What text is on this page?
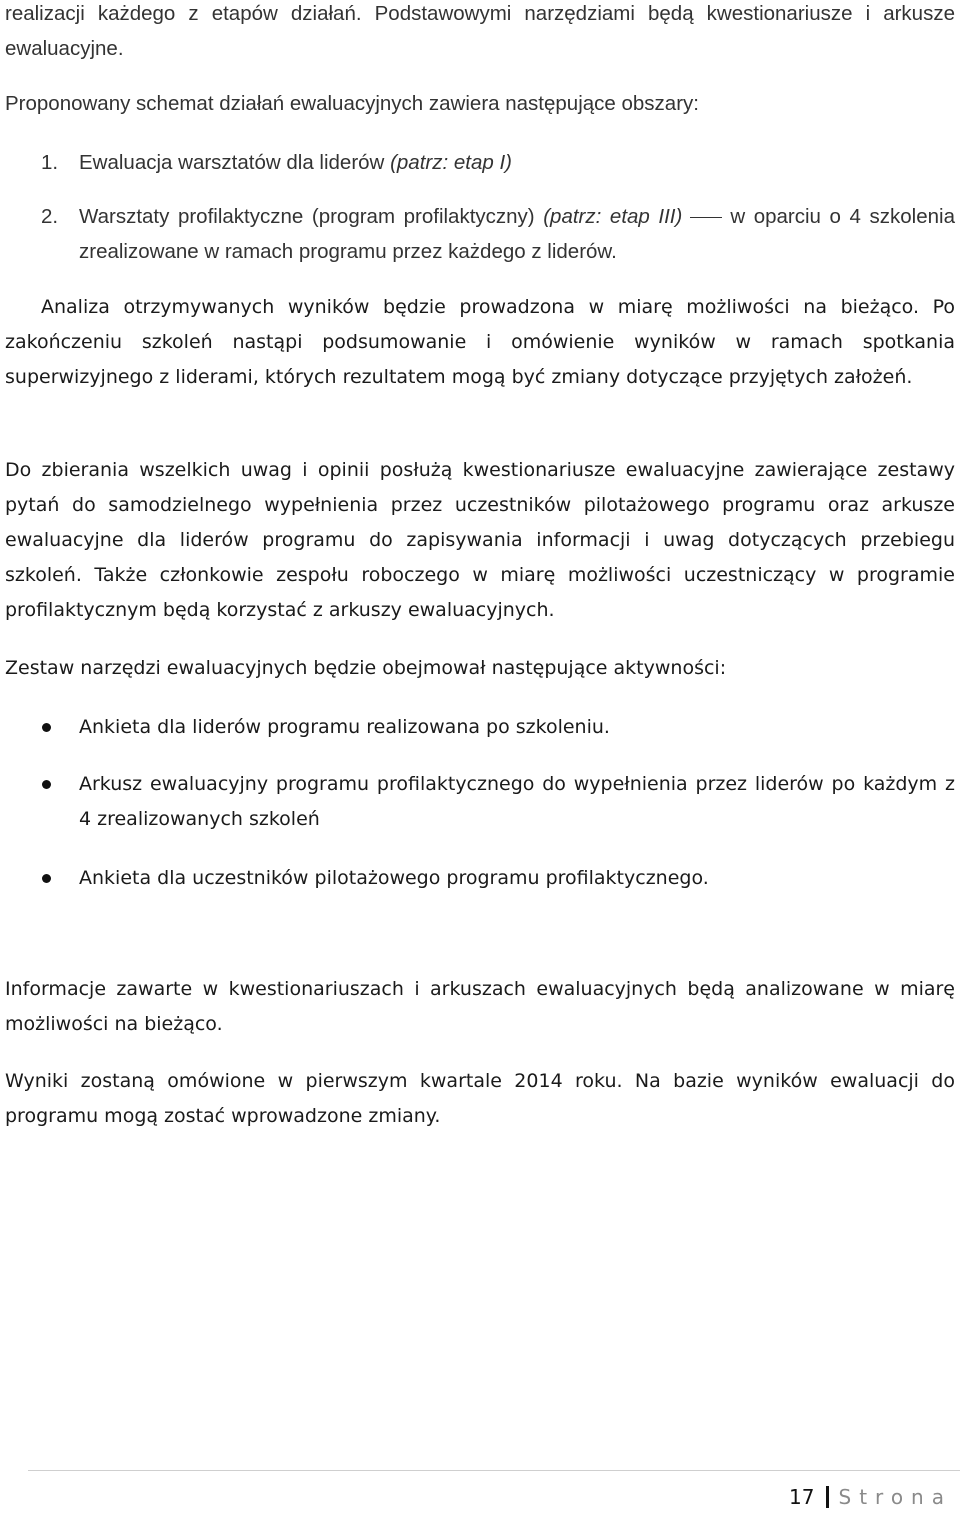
realizacji każdego z etapów działań. Podstawowymi narzędziami będą kwestionariusze i arkusze ewaluacyjne.

Proponowany schemat działań ewaluacyjnych zawiera następujące obszary:

1. Ewaluacja warsztatów dla liderów (patrz: etap I)
2. Warsztaty profilaktyczne (program profilaktyczny) (patrz: etap III) w oparciu o 4 szkolenia zrealizowane w ramach programu przez każdego z liderów.

Analiza otrzymywanych wyników będzie prowadzona w miarę możliwości na bieżąco. Po zakończeniu szkoleń nastąpi podsumowanie i omówienie wyników w ramach spotkania superwizyjnego z liderami, których rezultatem mogą być zmiany dotyczące przyjętych założeń.

Do zbierania wszelkich uwag i opinii posłużą kwestionariusze ewaluacyjne zawierające zestawy pytań do samodzielnego wypełnienia przez uczestników pilotażowego programu oraz arkusze ewaluacyjne dla liderów programu do zapisywania informacji i uwag dotyczących przebiegu szkoleń. Także członkowie zespołu roboczego w miarę możliwości uczestniczący w programie profilaktycznym będą korzystać z arkuszy ewaluacyjnych.

Zestaw narzędzi ewaluacyjnych będzie obejmował następujące aktywności:

Ankieta dla liderów programu realizowana po szkoleniu.
Arkusz ewaluacyjny programu profilaktycznego do wypełnienia przez liderów po każdym z 4 zrealizowanych szkoleń
Ankieta dla uczestników pilotażowego programu profilaktycznego.

Informacje zawarte w kwestionariuszach i arkuszach ewaluacyjnych będą analizowane w miarę możliwości na bieżąco.

Wyniki zostaną omówione w pierwszym kwartale 2014 roku. Na bazie wyników ewaluacji do programu mogą zostać wprowadzone zmiany.

17 Strona
